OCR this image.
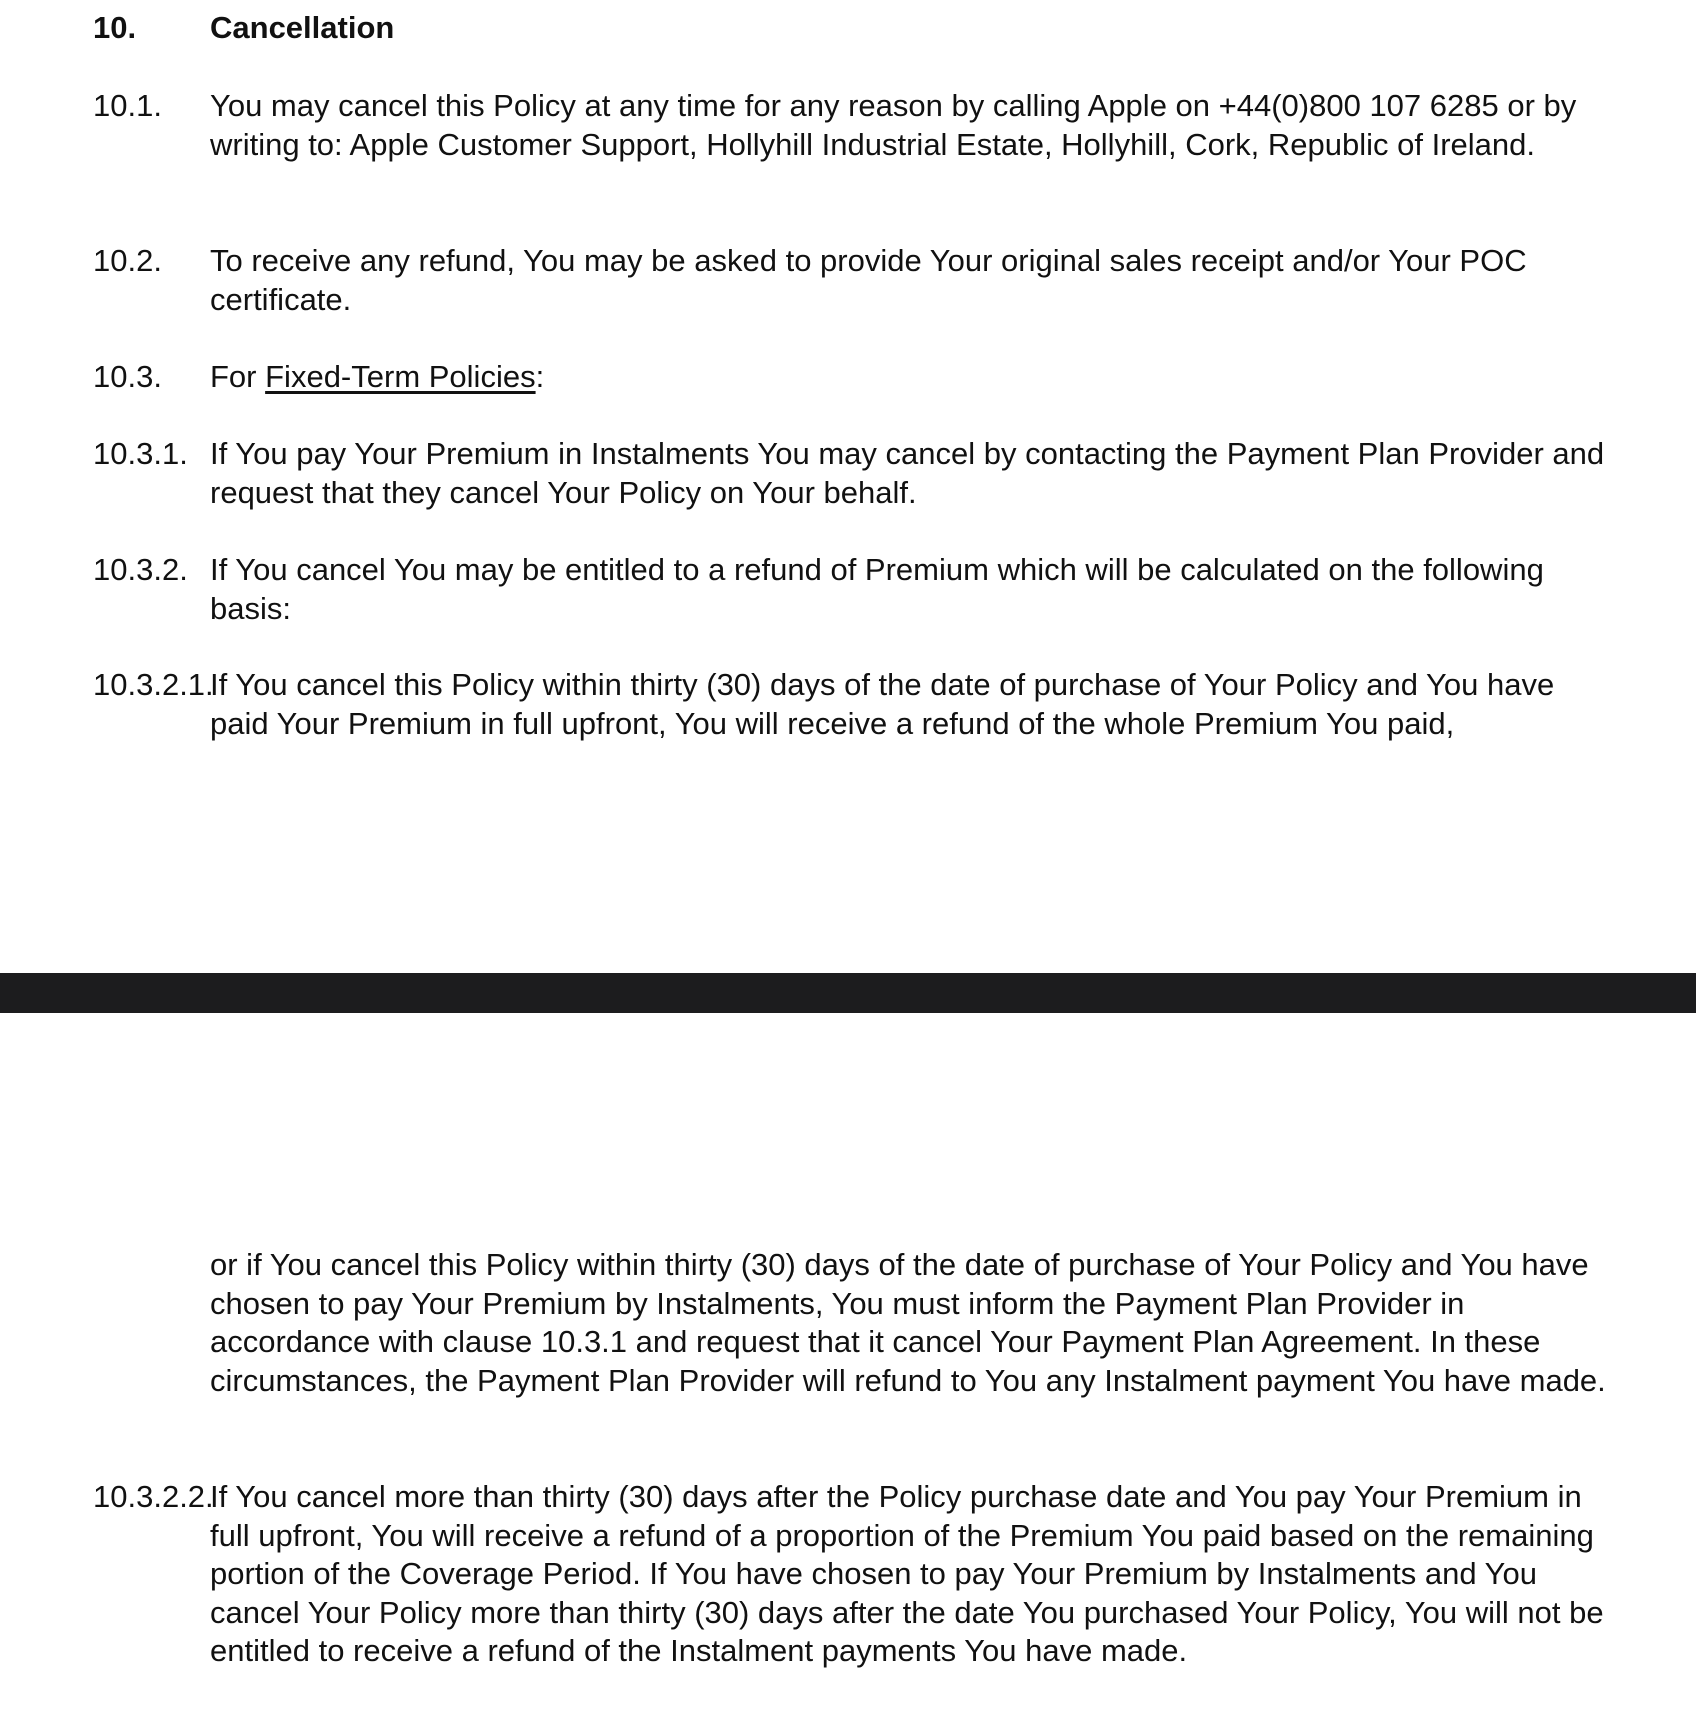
10. Cancellation
10.1. You may cancel this Policy at any time for any reason by calling Apple on +44(0)800 107 6285 or by writing to: Apple Customer Support, Hollyhill Industrial Estate, Hollyhill, Cork, Republic of Ireland.
10.2. To receive any refund, You may be asked to provide Your original sales receipt and/or Your POC certificate.
10.3. For Fixed-Term Policies:
10.3.1. If You pay Your Premium in Instalments You may cancel by contacting the Payment Plan Provider and request that they cancel Your Policy on Your behalf.
10.3.2. If You cancel You may be entitled to a refund of Premium which will be calculated on the following basis:
10.3.2.1.
If You cancel this Policy within thirty (30) days of the date of purchase of Your Policy and You have paid Your Premium in full upfront, You will receive a refund of the whole Premium You paid,
or if You cancel this Policy within thirty (30) days of the date of purchase of Your Policy and You have chosen to pay Your Premium by Instalments, You must inform the Payment Plan Provider in accordance with clause 10.3.1 and request that it cancel Your Payment Plan Agreement. In these circumstances, the Payment Plan Provider will refund to You any Instalment payment You have made.
10.3.2.2.
If You cancel more than thirty (30) days after the Policy purchase date and You pay Your Premium in full upfront, You will receive a refund of a proportion of the Premium You paid based on the remaining portion of the Coverage Period. If You have chosen to pay Your Premium by Instalments and You cancel Your Policy more than thirty (30) days after the date You purchased Your Policy, You will not be entitled to receive a refund of the Instalment payments You have made.
